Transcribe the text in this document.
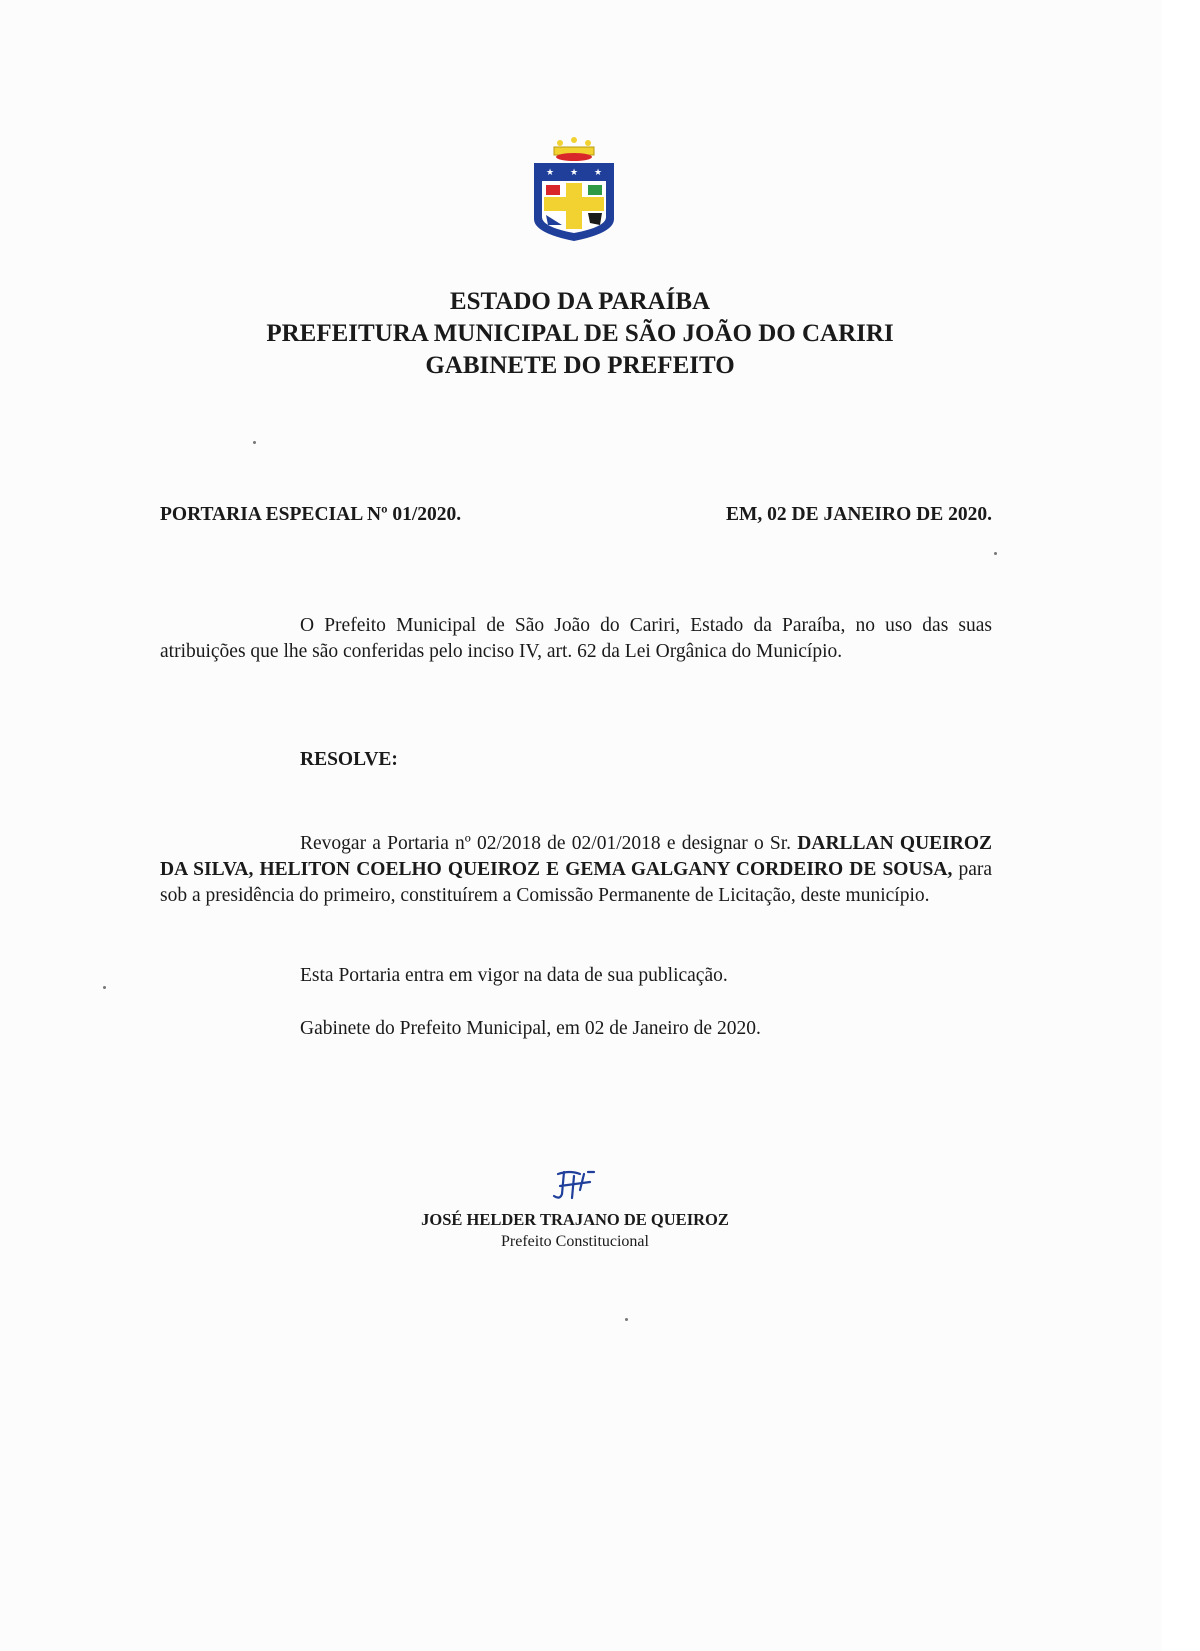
★ ★ ★
ESTADO DA PARAÍBA
PREFEITURA MUNICIPAL DE SÃO JOÃO DO CARIRI
GABINETE DO PREFEITO
PORTARIA ESPECIAL Nº 01/2020.	EM, 02 DE JANEIRO DE 2020.
O Prefeito Municipal de São João do Cariri, Estado da Paraíba, no uso das suas atribuições que lhe são conferidas pelo inciso IV, art. 62 da Lei Orgânica do Município.
RESOLVE:
Revogar a Portaria nº 02/2018 de 02/01/2018 e designar o Sr. DARLLAN QUEIROZ DA SILVA, HELITON COELHO QUEIROZ E GEMA GALGANY CORDEIRO DE SOUSA, para sob a presidência do primeiro, constituírem a Comissão Permanente de Licitação, deste município.
Esta Portaria entra em vigor na data de sua publicação.
Gabinete do Prefeito Municipal, em 02 de Janeiro de 2020.
JOSÉ HELDER TRAJANO DE QUEIROZ
Prefeito Constitucional
